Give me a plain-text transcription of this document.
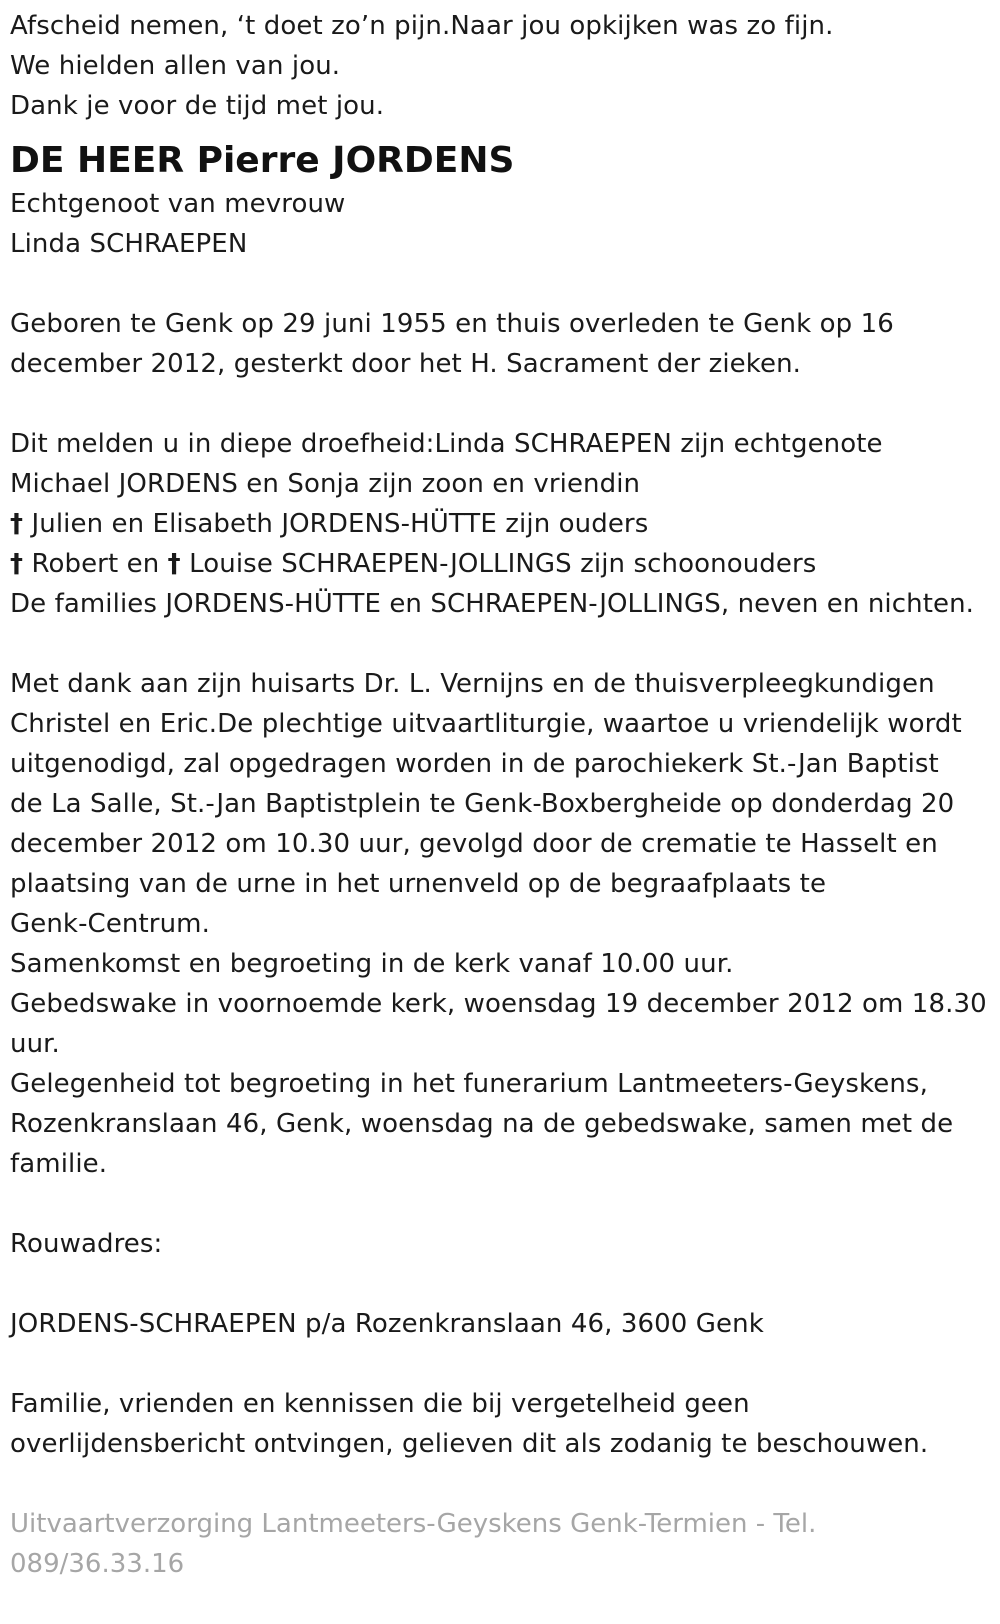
Afscheid nemen, ‘t doet zo’n pijn.Naar jou opkijken was zo fijn.
We hielden allen van jou.
Dank je voor de tijd met jou.
DE HEER Pierre JORDENS
Echtgenoot van mevrouw
Linda SCHRAEPEN
Geboren te Genk op 29 juni 1955 en thuis overleden te Genk op 16
december 2012, gesterkt door het H. Sacrament der zieken.
Dit melden u in diepe droefheid:Linda SCHRAEPEN zijn echtgenote
Michael JORDENS en Sonja zijn zoon en vriendin
† Julien en Elisabeth JORDENS-HÜTTE zijn ouders
† Robert en † Louise SCHRAEPEN-JOLLINGS zijn schoonouders
De families JORDENS-HÜTTE en SCHRAEPEN-JOLLINGS, neven en nichten.
Met dank aan zijn huisarts Dr. L. Vernijns en de thuisverpleegkundigen
Christel en Eric.De plechtige uitvaartliturgie, waartoe u vriendelijk wordt
uitgenodigd, zal opgedragen worden in de parochiekerk St.-Jan Baptist
de La Salle, St.-Jan Baptistplein te Genk-Boxbergheide op donderdag 20
december 2012 om 10.30 uur, gevolgd door de crematie te Hasselt en
plaatsing van de urne in het urnenveld op de begraafplaats te
Genk-Centrum.
Samenkomst en begroeting in de kerk vanaf 10.00 uur.
Gebedswake in voornoemde kerk, woensdag 19 december 2012 om 18.30
uur.
Gelegenheid tot begroeting in het funerarium Lantmeeters-Geyskens,
Rozenkranslaan 46, Genk, woensdag na de gebedswake, samen met de
familie.
Rouwadres:
JORDENS-SCHRAEPEN p/a Rozenkranslaan 46, 3600 Genk
Familie, vrienden en kennissen die bij vergetelheid geen
overlijdensbericht ontvingen, gelieven dit als zodanig te beschouwen.
Uitvaartverzorging Lantmeeters-Geyskens Genk-Termien - Tel.
089/36.33.16
